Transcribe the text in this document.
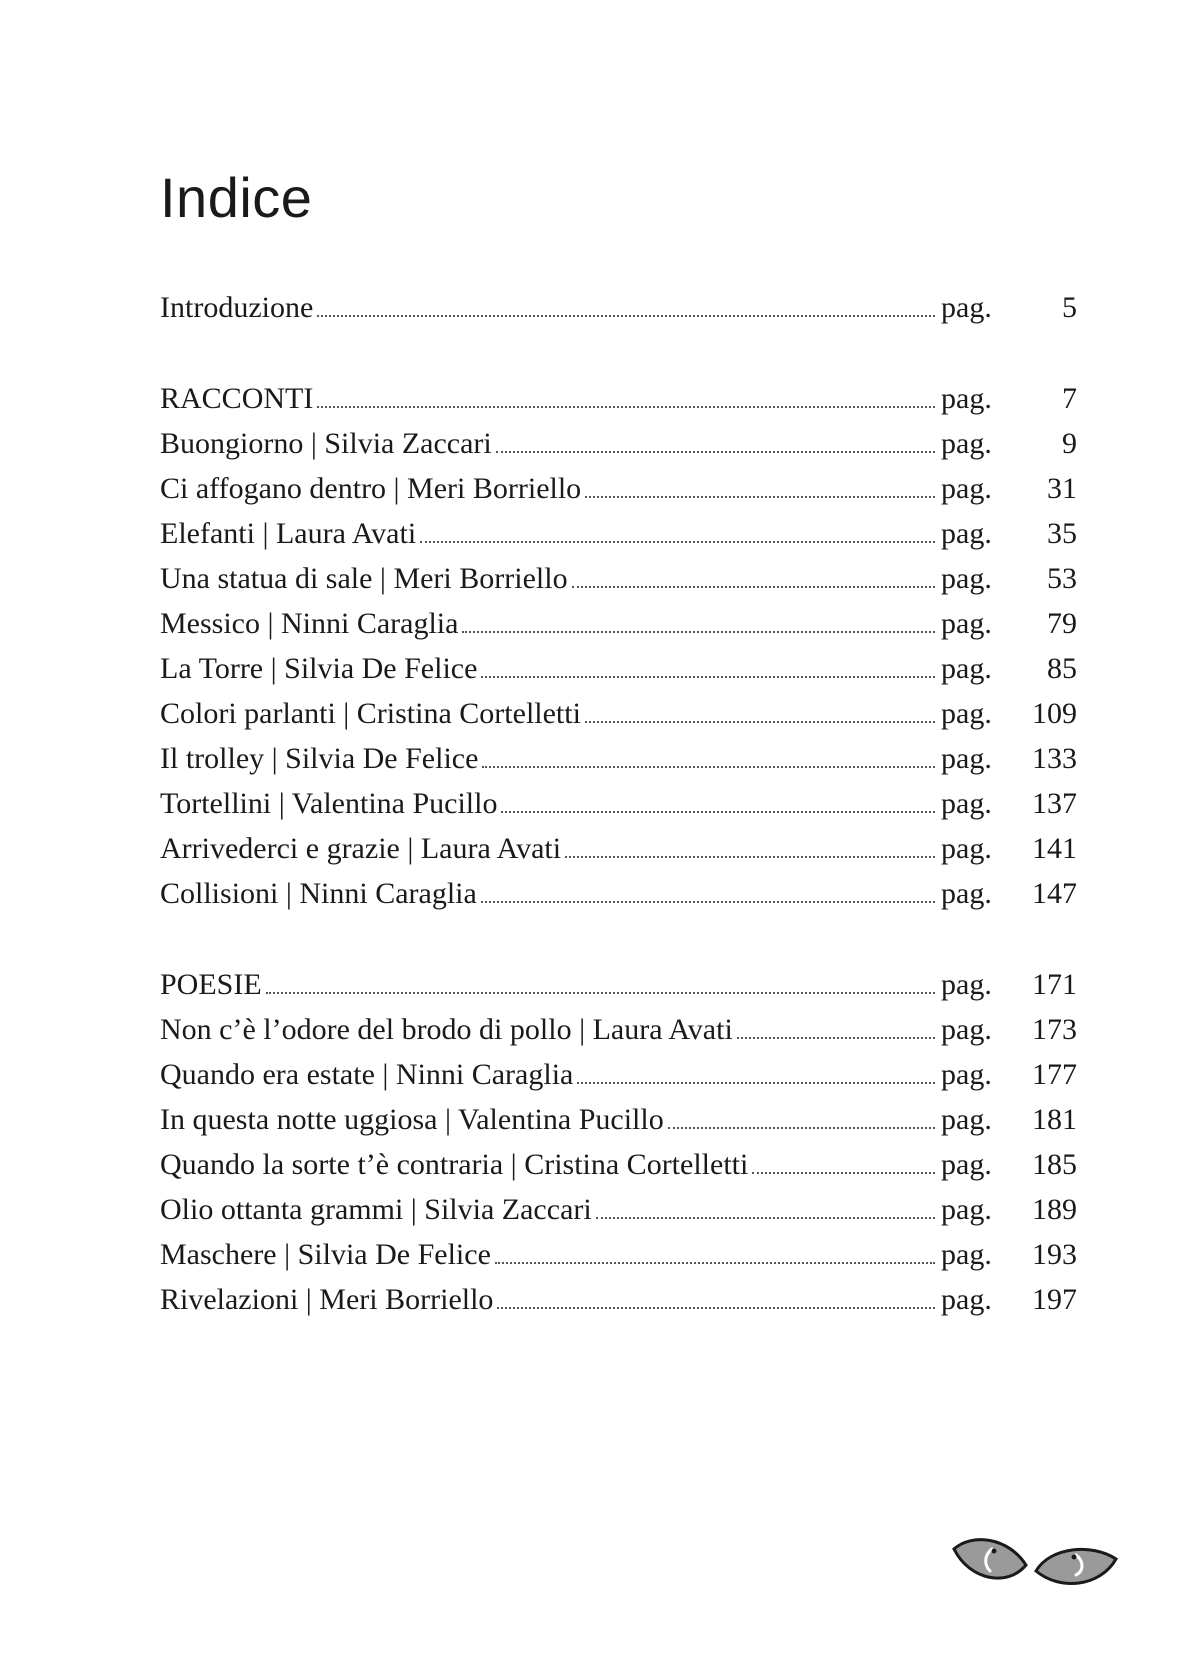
Indice
Introduzione	pag.	5
RACCONTI	pag.	7
Buongiorno | Silvia Zaccari	pag.	9
Ci affogano dentro | Meri Borriello	pag.	31
Elefanti | Laura Avati	pag.	35
Una statua di sale | Meri Borriello	pag.	53
Messico | Ninni Caraglia	pag.	79
La Torre | Silvia De Felice	pag.	85
Colori parlanti | Cristina Cortelletti	pag.	109
Il trolley | Silvia De Felice	pag.	133
Tortellini | Valentina Pucillo	pag.	137
Arrivederci e grazie | Laura Avati	pag.	141
Collisioni | Ninni Caraglia	pag.	147
POESIE	pag.	171
Non c’è l’odore del brodo di pollo | Laura Avati	pag.	173
Quando era estate | Ninni Caraglia	pag.	177
In questa notte uggiosa | Valentina Pucillo	pag.	181
Quando la sorte t’è contraria | Cristina Cortelletti	pag.	185
Olio ottanta grammi | Silvia Zaccari	pag.	189
Maschere | Silvia De Felice	pag.	193
Rivelazioni | Meri Borriello	pag.	197
